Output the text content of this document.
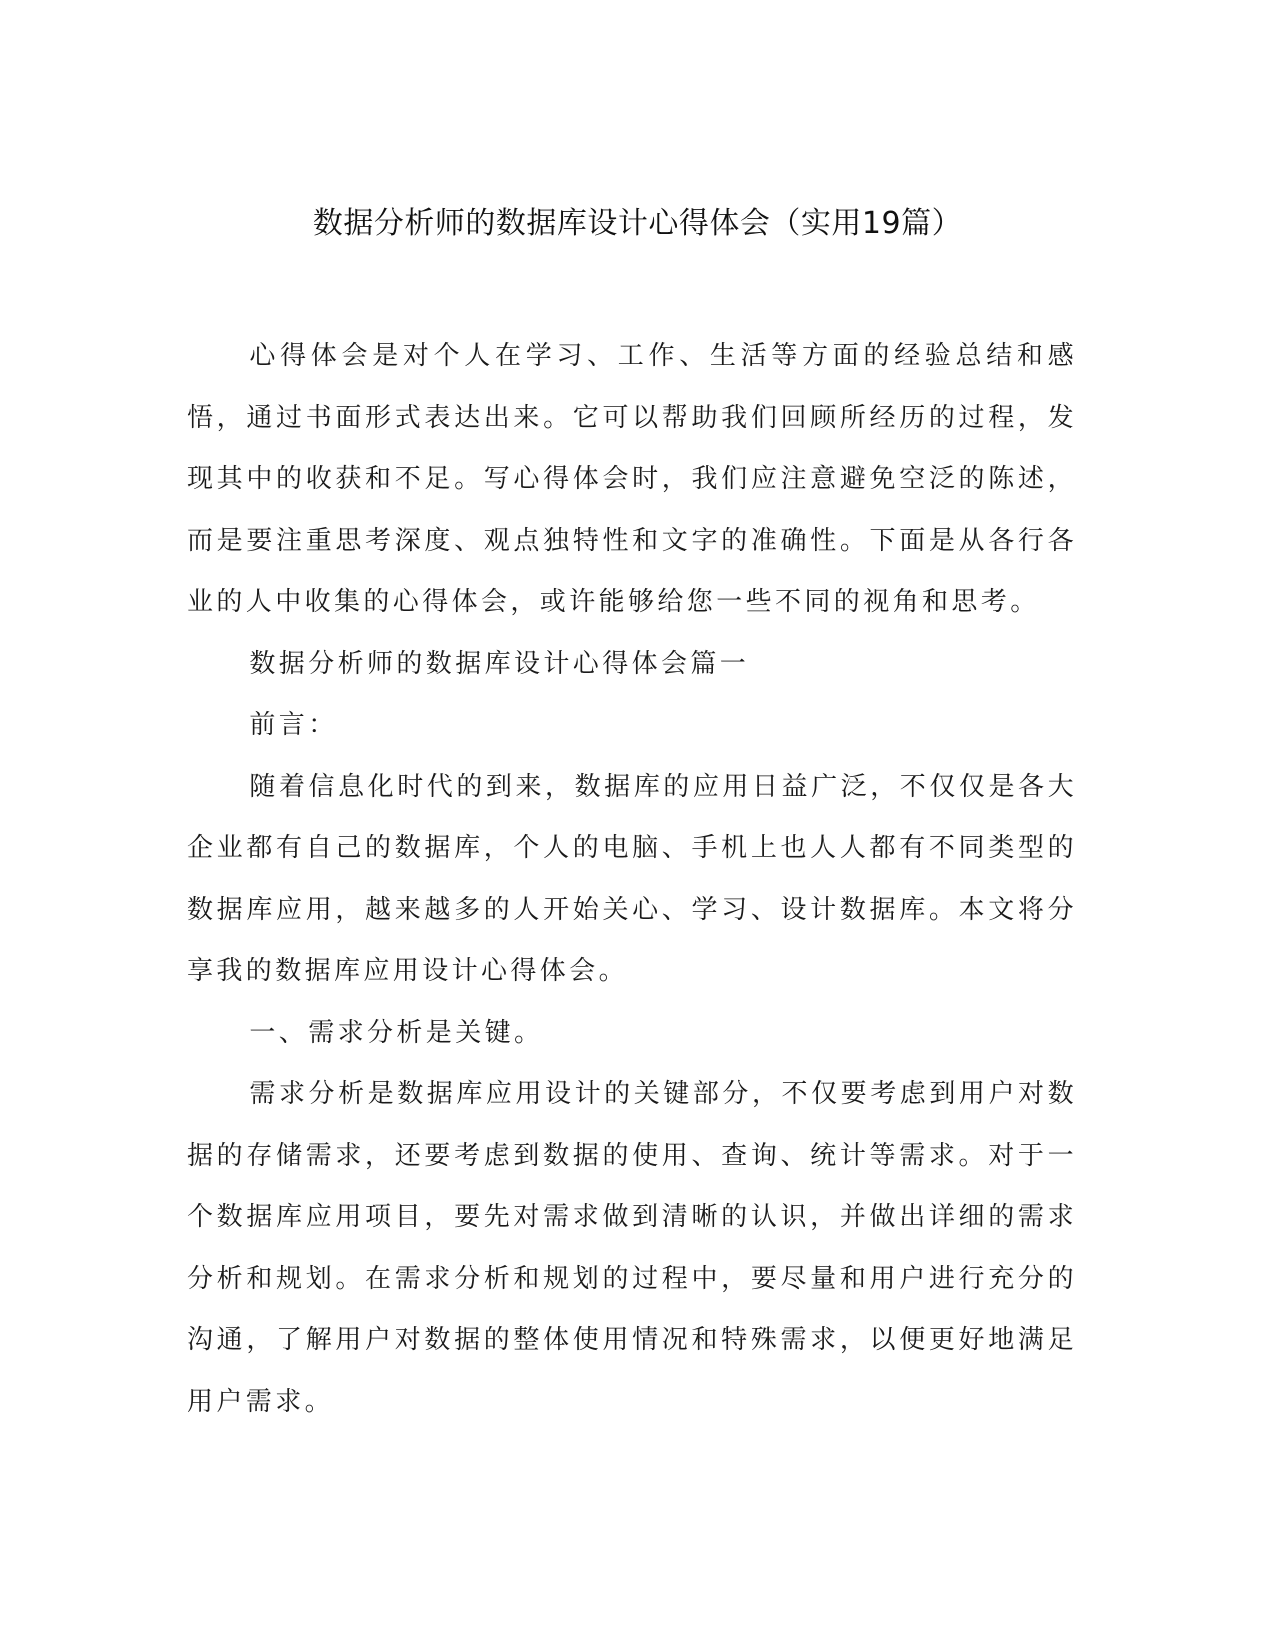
数据分析师的数据库设计心得体会（实用19篇）

心得体会是对个人在学习、工作、生活等方面的经验总结和感悟，通过书面形式表达出来。它可以帮助我们回顾所经历的过程，发现其中的收获和不足。写心得体会时，我们应注意避免空泛的陈述，而是要注重思考深度、观点独特性和文字的准确性。下面是从各行各业的人中收集的心得体会，或许能够给您一些不同的视角和思考。

数据分析师的数据库设计心得体会篇一

前言：

随着信息化时代的到来，数据库的应用日益广泛，不仅仅是各大企业都有自己的数据库，个人的电脑、手机上也人人都有不同类型的数据库应用，越来越多的人开始关心、学习、设计数据库。本文将分享我的数据库应用设计心得体会。

一、需求分析是关键。

需求分析是数据库应用设计的关键部分，不仅要考虑到用户对数据的存储需求，还要考虑到数据的使用、查询、统计等需求。对于一个数据库应用项目，要先对需求做到清晰的认识，并做出详细的需求分析和规划。在需求分析和规划的过程中，要尽量和用户进行充分的沟通，了解用户对数据的整体使用情况和特殊需求，以便更好地满足用户需求。
